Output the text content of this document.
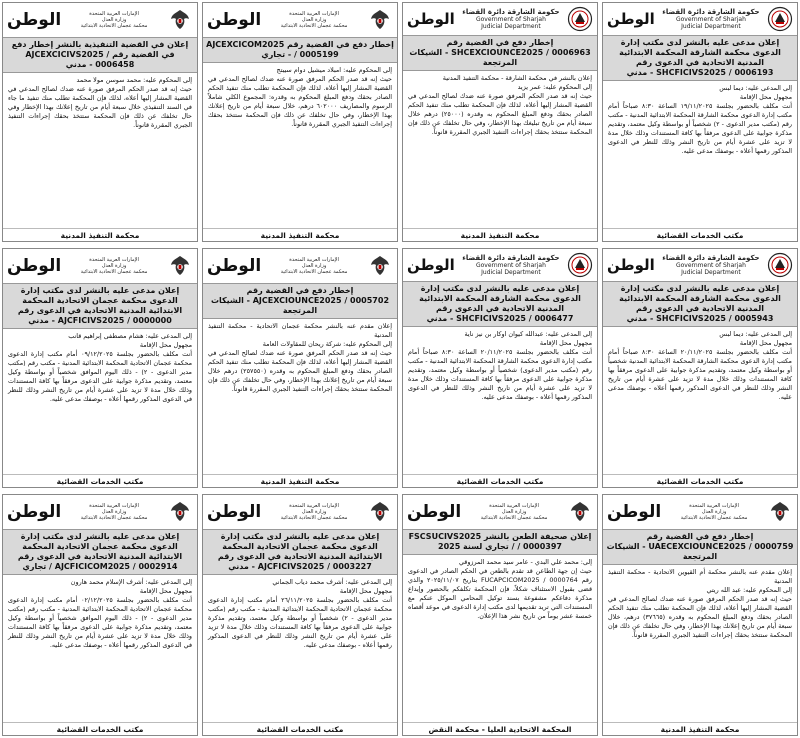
الوطن حكومة الشارقة دائرة القضاء
Government of Sharjah
Judicial Department
إعلان مدعى عليه بالنشر لدى مكتب إدارة الدعوى محكمة الشارقة المحكمة الابتدائية المدنية الاتحادية في الدعوى رقم SHCFICIVS2025 / 0006193 - مدني
إلى المدعى عليه: ديما لبس
مجهول محل الإقامة
أنت مكلف بالحضور بجلسة ١٩/١١/٢٠٢٥ الساعة ٨:٣٠ صباحاً أمام مكتب إدارة الدعوى محكمة الشارقة المحكمة الابتدائية المدنية - مكتب رقم (مكتب مدير الدعوى - ٢) شخصياً أو بواسطة وكيل معتمد، وتقديم مذكرة جوابية على الدعوى مرفقاً بها كافة المستندات وذلك خلال مدة لا تزيد على عشرة أيام من تاريخ النشر وذلك للنظر في الدعوى المذكور رقمها أعلاه - بوصفك مدعى عليه.
مكتب الخدمات القضائية
الوطن حكومة الشارقة دائرة القضاء
Government of Sharjah
Judicial Department
إخطار دفع في القضية رقم SHCEXCIOUNCE2025 / 0006963 - الشيكات المرتجعة
إعلان بالنشر في محكمة الشارقة - محكمة التنفيذ المدنية
إلى المحكوم عليه: عمر يزيد
حيث إنه قد صدر الحكم المرفق صورة عنه ضدك لصالح المدعي في القضية المشار إليها أعلاه. لذلك فإن المحكمة تطلب منك تنفيذ الحكم الصادر بحقك ودفع المبلغ المحكوم به وقدره (٢٥٠٠٠) درهم خلال سبعة أيام من تاريخ تبليغك بهذا الإخطار، وفي حال تخلفك عن ذلك فإن المحكمة ستتخذ بحقك إجراءات التنفيذ الجبري المقررة قانوناً.
محكمة التنفيذ المدنية
الوطن	الإمارات العربية المتحدة
وزارة العدل
محكمة عجمان الاتحادية الابتدائية
إخطار دفع في القضية رقم AJCEXCICOM2025 / 0005199 - تجاري
إلى المحكوم عليه: امبلاد ميشيل دوام سيبتج
حيث إنه قد صدر الحكم المرفق صورة عنه ضدك لصالح المدعي في القضية المشار إليها أعلاه. لذلك فإن المحكمة تطلب منك تنفيذ الحكم الصادر بحقك ودفع المبلغ المحكوم به وقدره: المجموع الكلي شاملاً الرسوم والمصاريف ٦٠٢٠٠٠ درهم، خلال سبعة أيام من تاريخ إعلانك بهذا الإخطار، وفي حال تخلفك عن ذلك فإن المحكمة ستتخذ بحقك إجراءات التنفيذ الجبري المقررة قانوناً.
محكمة التنفيذ المدنية
الوطن	الإمارات العربية المتحدة
وزارة العدل
محكمة عجمان الاتحادية الابتدائية
إعلان في القضية التنفيذية بالنشر إخطار دفع في القضية رقم AJCEXCICIVS2025 / 0006458 - مدني
إلى المحكوم عليه: محمد سوسن مولا محمد
حيث إنه قد صدر الحكم المرفق صورة عنه ضدك لصالح المدعي في القضية المشار إليها أعلاه، لذلك فإن المحكمة تطلب منك تنفيذ ما جاء في السند التنفيذي خلال سبعة أيام من تاريخ إعلانك بهذا الإخطار وفي حال تخلفك عن ذلك فإن المحكمة ستتخذ بحقك إجراءات التنفيذ الجبري المقررة قانوناً.
محكمة التنفيذ المدنية
الوطن حكومة الشارقة دائرة القضاء
Government of Sharjah
Judicial Department
إعلان مدعى عليه بالنشر لدى مكتب إدارة الدعوى محكمة الشارقة المحكمة الابتدائية المدنية الاتحادية في الدعوى رقم SHCFICIVS2025 / 0005943 - مدني
إلى المدعى عليه: ديما لبس
مجهول محل الإقامة
أنت مكلف بالحضور بجلسة ٢٠/١١/٢٠٢٥ الساعة ٨:٣٠ صباحاً أمام مكتب إدارة الدعوى محكمة الشارقة المحكمة الابتدائية المدنية شخصياً أو بواسطة وكيل معتمد، وتقديم مذكرة جوابية على الدعوى مرفقاً بها كافة المستندات وذلك خلال مدة لا تزيد على عشرة أيام من تاريخ النشر وذلك للنظر في الدعوى المذكور رقمها أعلاه - بوصفك مدعى عليه.
مكتب الخدمات القضائية
الوطن حكومة الشارقة دائرة القضاء
Government of Sharjah
Judicial Department
إعلان مدعى عليه بالنشر لدى مكتب إدارة الدعوى محكمة الشارقة المحكمة الابتدائية المدنية الاتحادية في الدعوى رقم SHCFICIVS2025 / 0006477 - مدني
إلى المدعى عليه: عبدالله كيوان اوكار بن نيز ناية
مجهول محل الإقامة
أنت مكلف بالحضور بجلسة ٢٠/١١/٢٠٢٥ الساعة ٨:٣٠ صباحاً أمام مكتب إدارة الدعوى محكمة الشارقة المحكمة الابتدائية المدنية - مكتب رقم (مكتب مدير الدعوى) شخصياً أو بواسطة وكيل معتمد، وتقديم مذكرة جوابية على الدعوى مرفقاً بها كافة المستندات وذلك خلال مدة لا تزيد على عشرة أيام من تاريخ النشر وذلك للنظر في الدعوى المذكور رقمها أعلاه - بوصفك مدعى عليه.
مكتب الخدمات القضائية
الوطن	الإمارات العربية المتحدة
وزارة العدل
محكمة عجمان الاتحادية الابتدائية
إخطار دفع في القضية رقم AJCEXCIOUNCE2025 / 0005702 - الشيكات المرتجعة
إعلان مقدم عنه بالنشر محكمة عجمان الاتحادية - محكمة التنفيذ المدنية
إلى المحكوم عليه: شركة ريحان للمقاولات العامة
حيث إنه قد صدر الحكم المرفق صورة عنه ضدك لصالح المدعي في القضية المشار إليها أعلاه، لذلك فإن المحكمة تطلب منك تنفيذ الحكم الصادر بحقك ودفع المبلغ المحكوم به وقدره (٢٥٧٥٥٠) درهم خلال سبعة أيام من تاريخ إعلانك بهذا الإخطار، وفي حال تخلفك عن ذلك فإن المحكمة ستتخذ بحقك إجراءات التنفيذ الجبري المقررة قانوناً.
محكمة التنفيذ المدنية
الوطن	الإمارات العربية المتحدة
وزارة العدل
محكمة عجمان الاتحادية الابتدائية
إعلان مدعى عليه بالنشر لدى مكتب إدارة الدعوى محكمة عجمان الاتحادية المحكمة الابتدائية المدنية الاتحادية في الدعوى رقم AJCFICIVS2025 / 0000000 - مدني
إلى المدعى عليه: هشام مصطفى إبراهيم قانب
مجهول محل الإقامة
أنت مكلف بالحضور بجلسة ٠٩/١٢/٢٠٢٥ أمام مكتب إدارة الدعوى محكمة عجمان الاتحادية المحكمة الابتدائية المدنية - مكتب رقم (مكتب مدير الدعوى - ٢) - ذلك اليوم الموافق شخصياً أو بواسطة وكيل معتمد، وتقديم مذكرة جوابية على الدعوى مرفقاً بها كافة المستندات وذلك خلال مدة لا تزيد على عشرة أيام من تاريخ النشر وذلك للنظر في الدعوى المذكور رقمها أعلاه - بوصفك مدعى عليه.
مكتب الخدمات القضائية
الوطن	الإمارات العربية المتحدة
وزارة العدل
محكمة عجمان الاتحادية الابتدائية
إخطار دفع في القضية رقم UAECEXCIOUNCE2025 / 0000759 - الشيكات المرتجعة
إعلان مقدم عنه بالنشر محكمة أم القيوين الاتحادية - محكمة التنفيذ المدنية
إلى المحكوم عليه: عبد الله ريتي
حيث إنه قد صدر الحكم المرفق صورة عنه ضدك لصالح المدعي في القضية المشار إليها أعلاه، لذلك فإن المحكمة تطلب منك تنفيذ الحكم الصادر بحقك ودفع المبلغ المحكوم به وقدره (٣٧٦٦٥) درهم، خلال سبعة أيام من تاريخ إعلانك بهذا الإخطار، وفي حال تخلفك عن ذلك فإن المحكمة ستتخذ بحقك إجراءات التنفيذ الجبري المقررة قانوناً.
محكمة التنفيذ المدنية
الوطن	الإمارات العربية المتحدة
وزارة العدل
محكمة عجمان الاتحادية الابتدائية
إعلان صحيفة الطعن بالنشر FSCSUCIVS2025 / 0000397 / تجاري لسنة 2025
إلى: محمد علي البدي - عامر سيد محمد المرزوقي
حيث إن جهة الطاعن قد تقدم بالطعن في الحكم الصادر في الدعوى رقم FUCAPCICOM2025 / 0000764 بتاريخ ٢٠٢٥/١١/٠٧ والذي قضى بقبول الاستئناف شكلاً، فإن المحكمة تكلفكم بالحضور وإيداع مذكرة دفاعكم مشفوعة بسند توكيل المحامي الموكل عنكم مع المستندات التي تريد تقديمها لدى مكتب إدارة الدعوى في موعد أقصاه خمسة عشر يوماً من تاريخ نشر هذا الإعلان.
المحكمة الاتحادية العليا - محكمة النقض
الوطن	الإمارات العربية المتحدة
وزارة العدل
محكمة عجمان الاتحادية الابتدائية
إعلان مدعى عليه بالنشر لدى مكتب إدارة الدعوى محكمة عجمان الاتحادية المحكمة الابتدائية المدنية الاتحادية في الدعوى رقم AJCFICIVS2025 / 0003227 - مدني
إلى المدعى عليه: أشرف محمد دياب الجماني
مجهول محل الإقامة
أنت مكلف بالحضور بجلسة ٢٦/١١/٢٠٢٥ أمام مكتب إدارة الدعوى محكمة عجمان الاتحادية المحكمة الابتدائية المدنية - مكتب رقم (مكتب مدير الدعوى - ٢) شخصياً أو بواسطة وكيل معتمد، وتقديم مذكرة جوابية على الدعوى مرفقاً بها كافة المستندات وذلك خلال مدة لا تزيد على عشرة أيام من تاريخ النشر وذلك للنظر في الدعوى المذكور رقمها أعلاه - بوصفك مدعى عليه.
مكتب الخدمات القضائية
الوطن	الإمارات العربية المتحدة
وزارة العدل
محكمة عجمان الاتحادية الابتدائية
إعلان مدعى عليه بالنشر لدى مكتب إدارة الدعوى محكمة عجمان الاتحادية المحكمة الابتدائية المدنية الاتحادية في الدعوى رقم AJCFICICOM2025 / 0002914 / تجاري
إلى المدعى عليه: أشرف الإسلام محمد هارون
مجهول محل الإقامة
أنت مكلف بالحضور بجلسة ٠٢/١٢/٢٠٢٥ أمام مكتب إدارة الدعوى محكمة عجمان الاتحادية المحكمة الابتدائية المدنية - مكتب رقم (مكتب مدير الدعوى - ٢) - ذلك اليوم الموافق شخصياً أو بواسطة وكيل معتمد، وتقديم مذكرة جوابية على الدعوى مرفقاً بها كافة المستندات وذلك خلال مدة لا تزيد على عشرة أيام من تاريخ النشر وذلك للنظر في الدعوى المذكور رقمها أعلاه - بوصفك مدعى عليه.
مكتب الخدمات القضائية
